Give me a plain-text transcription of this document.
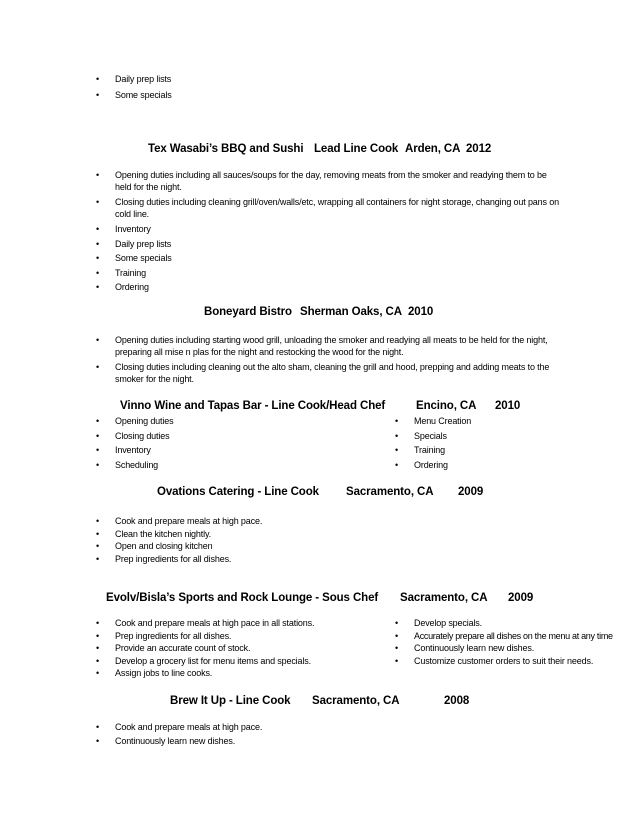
• Daily prep lists
• Some specials
Tex Wasabi’s BBQ and Sushi Lead Line Cook Arden, CA 2012
• Opening duties including all sauces/soups for the day, removing meats from the smoker and readying them to be held for the night.
• Closing duties including cleaning grill/oven/walls/etc, wrapping all containers for night storage, changing out pans on cold line.
• Inventory
• Daily prep lists
• Some specials
• Training
• Ordering
Boneyard Bistro Sherman Oaks, CA 2010
• Opening duties including starting wood grill, unloading the smoker and readying all meats to be held for the night, preparing all mise n plas for the night and restocking the wood for the night.
• Closing duties including cleaning out the alto sham, cleaning the grill and hood, prepping and adding meats to the smoker for the night.
Vinno Wine and Tapas Bar - Line Cook/Head Chef	Encino, CA 2010
• Opening duties
• Closing duties
• Inventory
• Scheduling
• Menu Creation
• Specials
• Training
• Ordering
Ovations Catering - Line Cook Sacramento, CA 2009
• Cook and prepare meals at high pace.
• Clean the kitchen nightly.
• Open and closing kitchen
• Prep ingredients for all dishes.
Evolv/Bisla’s Sports and Rock Lounge - Sous Chef Sacramento, CA 2009
• Cook and prepare meals at high pace in all stations.
• Prep ingredients for all dishes.
• Provide an accurate count of stock.
• Develop a grocery list for menu items and specials.
• Assign jobs to line cooks.
• Develop specials.
• Accurately prepare all dishes on the menu at any time
• Continuously learn new dishes.
• Customize customer orders to suit their needs.
Brew It Up - Line Cook Sacramento, CA	2008
• Cook and prepare meals at high pace.
• Continuously learn new dishes.
